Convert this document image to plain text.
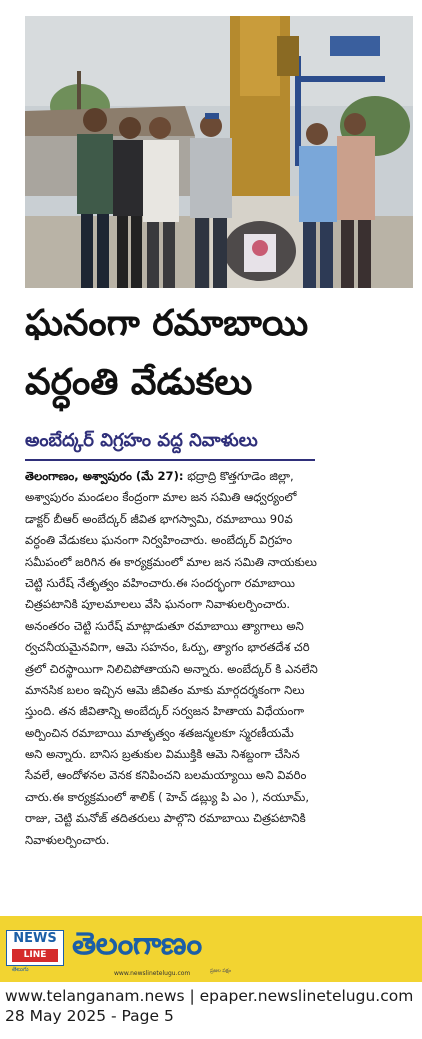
ఘనంగా రమాబాయి
వర్ధంతి వేడుకలు
అంబేద్కర్ విగ్రహం వద్ద నివాళులు
తెలంగాణం, అశ్వాపురం (మే 27): భద్రాద్రి కొత్తగూడెం జిల్లా,
అశ్వాపురం మండలం కేంద్రంగా మాల జన సమితి ఆధ్వర్యంలో
డాక్టర్ బీఆర్ అంబేద్కర్ జీవిత భాగస్వామి, రమాబాయి 90వ
వర్ధంతి వేడుకలు ఘనంగా నిర్వహించారు. అంబేద్కర్ విగ్రహం
సమీపంలో జరిగిన ఈ కార్యక్రమంలో మాల జన సమితి నాయకులు
చెట్టి సురేష్ నేతృత్వం వహించారు.ఈ సందర్భంగా రమాబాయి
చిత్రపటానికి పూలమాలలు వేసి ఘనంగా నివాళులర్పించారు.
అనంతరం చెట్టి సురేష్ మాట్లాడుతూ రమాబాయి త్యాగాలు అని
ర్వచనీయమైనవిగా, ఆమె సహనం, ఓర్పు, త్యాగం భారతదేశ చరి
త్రలో చిరస్థాయిగా నిలిచిపోతాయని అన్నారు. అంబేద్కర్ కి ఎనలేని
మానసిక బలం ఇచ్చిన ఆమె జీవితం మాకు మార్గదర్శకంగా నిలు
స్తుంది. తన జీవితాన్ని అంబేద్కర్ సర్వజన హితాయ విధేయంగా
అర్పించిన రమాబాయి మాతృత్వం శతజన్మలకూ స్మరణీయమే
అని అన్నారు. బానిస బ్రతుకుల విముక్తికి ఆమె నిశబ్దంగా చేసిన
సేవలే, ఆందోళనల వెనక కనిపించని బలమయ్యాయి అని వివరిం
చారు.ఈ కార్యక్రమంలో శాలిక్ ( హెచ్ డబ్ల్యు పి ఎం ), నయూమ్,
రాజు, చెట్టి మనోజ్ తదితరులు పాల్గొని రమాబాయి చిత్రపటానికి
నివాళులర్పించారు.
NEWS
LINE
తెలుగు
తెలంగాణం
www.newslinetelugu.com	ప్రజల పక్షం
www.telanganam.news | epaper.newslinetelugu.com
28 May 2025 - Page 5
